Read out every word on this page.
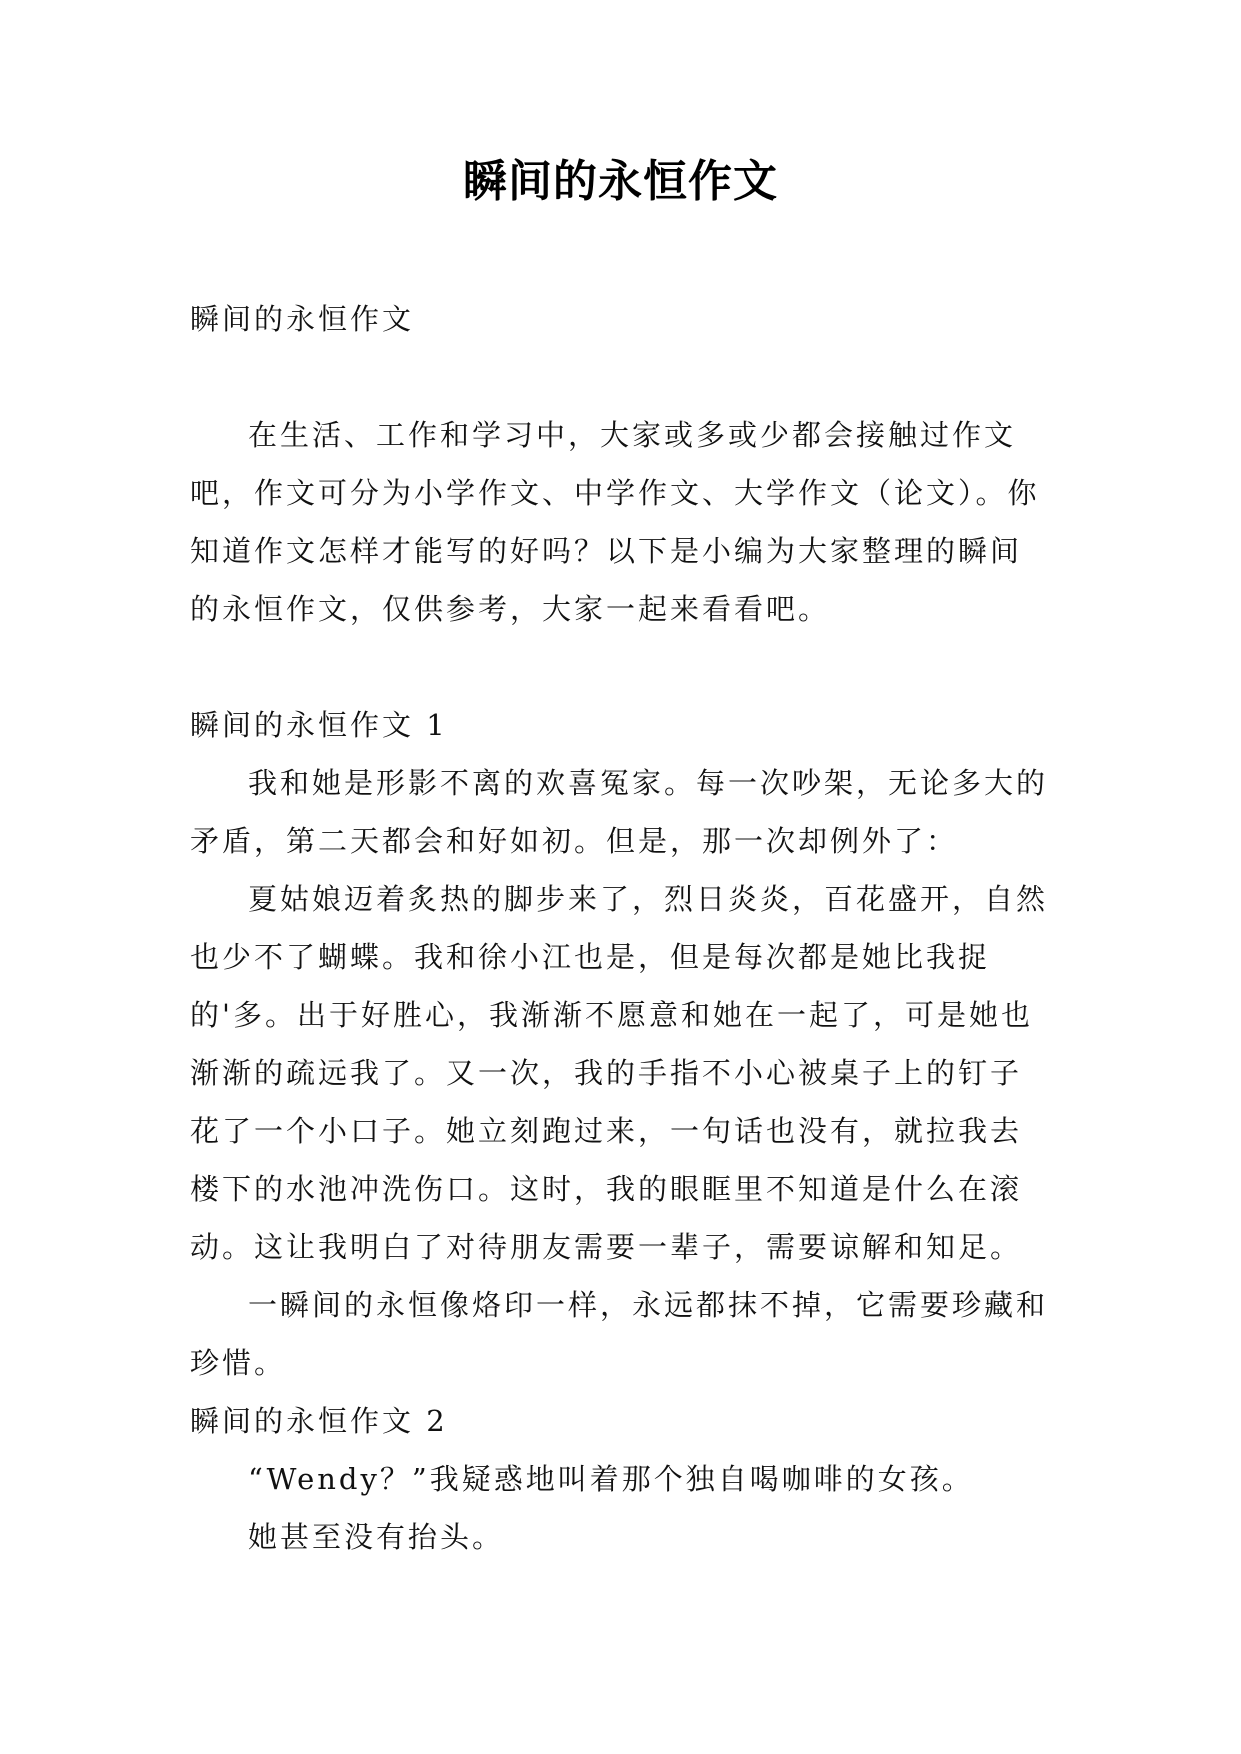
瞬间的永恒作文

瞬间的永恒作文

在生活、工作和学习中，大家或多或少都会接触过作文吧，作文可分为小学作文、中学作文、大学作文（论文）。你知道作文怎样才能写的好吗？以下是小编为大家整理的瞬间的永恒作文，仅供参考，大家一起来看看吧。

瞬间的永恒作文 1

我和她是形影不离的欢喜冤家。每一次吵架，无论多大的矛盾，第二天都会和好如初。但是，那一次却例外了：

夏姑娘迈着炙热的脚步来了，烈日炎炎，百花盛开，自然也少不了蝴蝶。我和徐小江也是，但是每次都是她比我捉的'多。出于好胜心，我渐渐不愿意和她在一起了，可是她也渐渐的疏远我了。又一次，我的手指不小心被桌子上的钉子花了一个小口子。她立刻跑过来，一句话也没有，就拉我去楼下的水池冲洗伤口。这时，我的眼眶里不知道是什么在滚动。这让我明白了对待朋友需要一辈子，需要谅解和知足。

一瞬间的永恒像烙印一样，永远都抹不掉，它需要珍藏和珍惜。

瞬间的永恒作文 2

“Wendy？”我疑惑地叫着那个独自喝咖啡的女孩。

她甚至没有抬头。
